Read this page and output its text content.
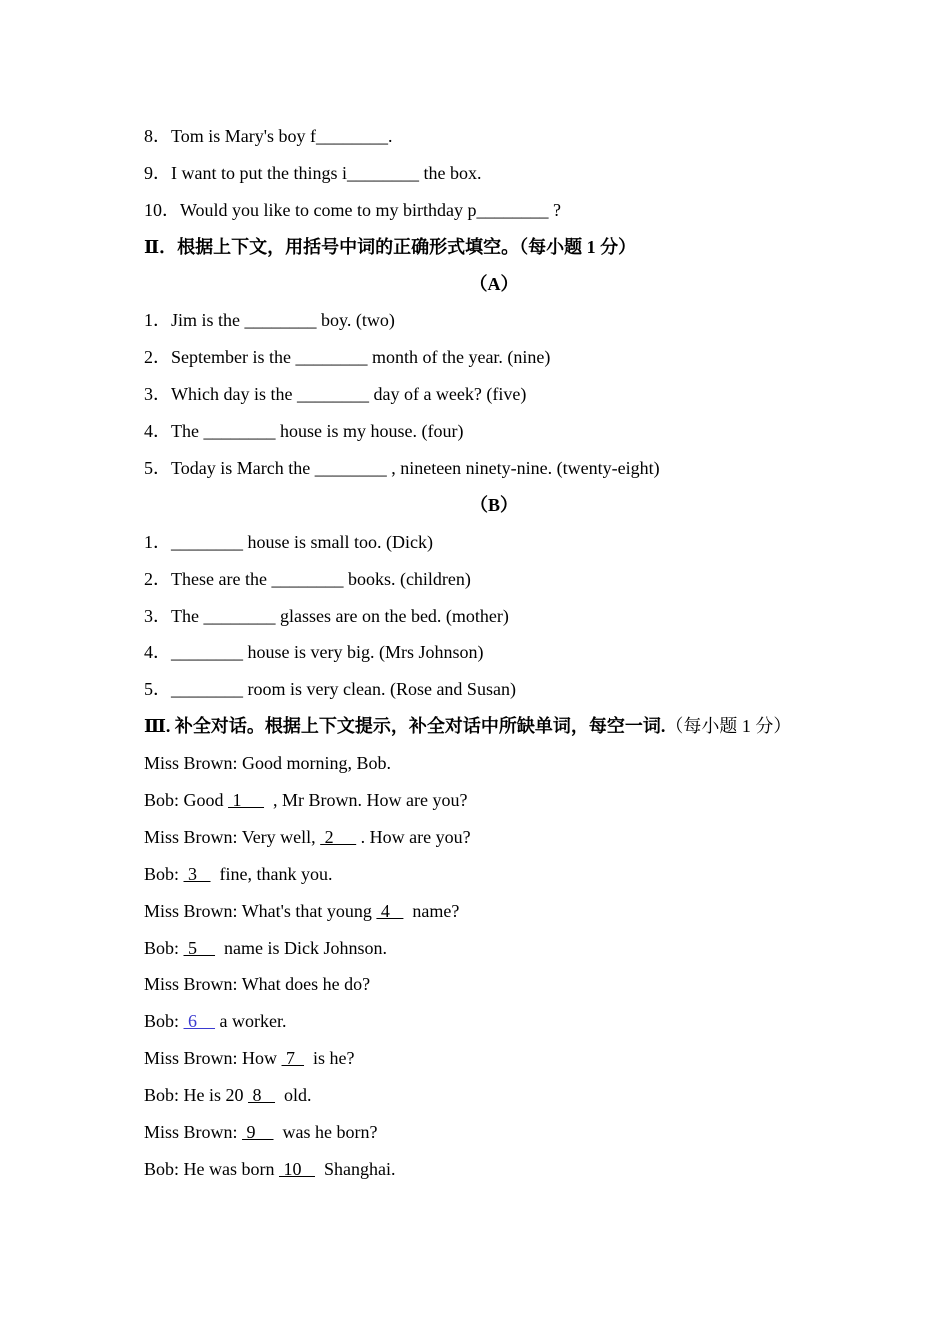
8．Tom is Mary's boy f________.
9．I want to put the things i________ the box.
10．Would you like to come to my birthday p________ ?
Ⅱ．根据上下文，用括号中词的正确形式填空。（每小题 1 分）
（A）
1．Jim is the ________ boy. (two)
2．September is the ________ month of the year. (nine)
3．Which day is the ________ day of a week? (five)
4．The ________ house is my house. (four)
5．Today is March the ________ , nineteen ninety-nine. (twenty-eight)
（B）
1．________ house is small too. (Dick)
2．These are the ________ books. (children)
3．The ________ glasses are on the bed. (mother)
4．________ house is very big. (Mrs Johnson)
5．________ room is very clean. (Rose and Susan)
Ⅲ. 补全对话。根据上下文提示，补全对话中所缺单词，每空一词.（每小题 1 分）
Miss Brown: Good morning, Bob.
Bob: Good  1       , Mr Brown. How are you?
Miss Brown: Very well,  2      . How are you?
Bob:  3     fine, thank you.
Miss Brown: What's that young  4     name?
Bob:  5      name is Dick Johnson.
Miss Brown: What does he do?
Bob:  6     a worker.
Miss Brown: How  7    is he?
Bob: He is 20  8     old.
Miss Brown:  9      was he born?
Bob: He was born  10     Shanghai.
